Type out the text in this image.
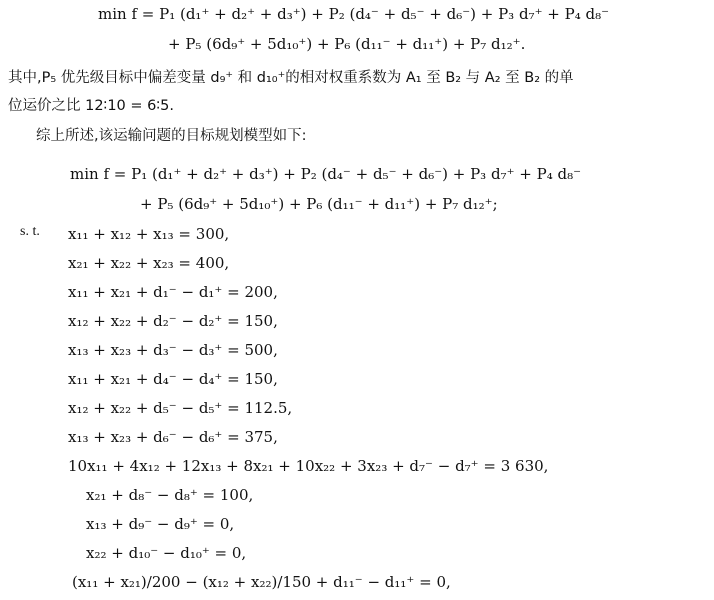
min f = P₁ (d₁⁺ + d₂⁺ + d₃⁺) + P₂ (d₄⁻ + d₅⁻ + d₆⁻) + P₃ d₇⁺ + P₄ d₈⁻
+ P₅ (6d₉⁺ + 5d₁₀⁺) + P₆ (d₁₁⁻ + d₁₁⁺) + P₇ d₁₂⁺.
其中,P₅ 优先级目标中偏差变量 d₉⁺ 和 d₁₀⁺的相对权重系数为 A₁ 至 B₂ 与 A₂ 至 B₂ 的单
位运价之比 12∶10 = 6∶5.
综上所述,该运输问题的目标规划模型如下:
min f = P₁ (d₁⁺ + d₂⁺ + d₃⁺) + P₂ (d₄⁻ + d₅⁻ + d₆⁻) + P₃ d₇⁺ + P₄ d₈⁻
+ P₅ (6d₉⁺ + 5d₁₀⁺) + P₆ (d₁₁⁻ + d₁₁⁺) + P₇ d₁₂⁺;
s. t. x₁₁ + x₁₂ + x₁₃ = 300,
x₂₁ + x₂₂ + x₂₃ = 400,
x₁₁ + x₂₁ + d₁⁻ − d₁⁺ = 200,
x₁₂ + x₂₂ + d₂⁻ − d₂⁺ = 150,
x₁₃ + x₂₃ + d₃⁻ − d₃⁺ = 500,
x₁₁ + x₂₁ + d₄⁻ − d₄⁺ = 150,
x₁₂ + x₂₂ + d₅⁻ − d₅⁺ = 112.5,
x₁₃ + x₂₃ + d₆⁻ − d₆⁺ = 375,
10x₁₁ + 4x₁₂ + 12x₁₃ + 8x₂₁ + 10x₂₂ + 3x₂₃ + d₇⁻ − d₇⁺ = 3 630,
x₂₁ + d₈⁻ − d₈⁺ = 100,
x₁₃ + d₉⁻ − d₉⁺ = 0,
x₂₂ + d₁₀⁻ − d₁₀⁺ = 0,
(x₁₁ + x₂₁)/200 − (x₁₂ + x₂₂)/150 + d₁₁⁻ − d₁₁⁺ = 0,
